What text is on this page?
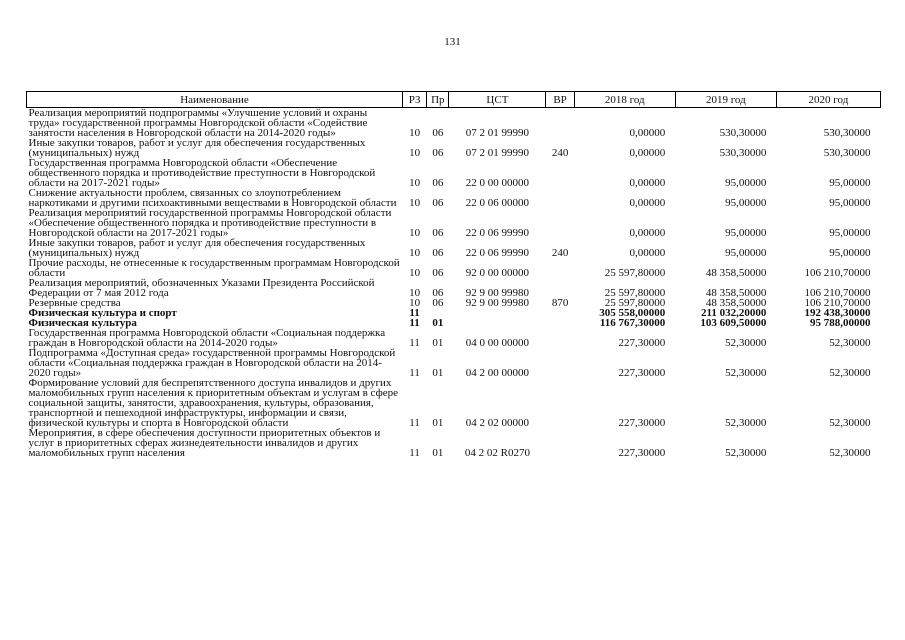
131
Наименование	РЗ	Пр	ЦСТ	ВР	2018 год	2019 год	2020 год
Реализация мероприятий подпрограммы «Улучшение условий и охраны труда» государственной программы Новгородской области «Содействие занятости населения в Новгородской области на 2014-2020 годы»	10	06	07 2 01 99990		0,00000	530,30000	530,30000
Иные закупки товаров, работ и услуг для обеспечения государственных (муниципальных) нужд	10	06	07 2 01 99990	240	0,00000	530,30000	530,30000
Государственная программа Новгородской области «Обеспечение общественного порядка и противодействие преступности в Новгородской области на 2017-2021 годы»	10	06	22 0 00 00000		0,00000	95,00000	95,00000
Снижение актуальности проблем, связанных со злоупотреблением наркотиками и другими психоактивными веществами в Новгородской области	10	06	22 0 06 00000		0,00000	95,00000	95,00000
Реализация мероприятий государственной программы Новгородской области «Обеспечение общественного порядка и противодействие преступности в Новгородской области на 2017-2021 годы»	10	06	22 0 06 99990		0,00000	95,00000	95,00000
Иные закупки товаров, работ и услуг для обеспечения государственных (муниципальных) нужд	10	06	22 0 06 99990	240	0,00000	95,00000	95,00000
Прочие расходы, не отнесенные к государственным программам Новгородской области	10	06	92 0 00 00000		25 597,80000	48 358,50000	106 210,70000
Реализация мероприятий, обозначенных Указами Президента Российской Федерации от 7 мая 2012 года	10	06	92 9 00 99980		25 597,80000	48 358,50000	106 210,70000
Резервные средства	10	06	92 9 00 99980	870	25 597,80000	48 358,50000	106 210,70000
Физическая культура и спорт	11				305 558,00000	211 032,20000	192 438,30000
Физическая культура	11	01			116 767,30000	103 609,50000	95 788,00000
Государственная программа Новгородской области «Социальная поддержка граждан в Новгородской области на 2014-2020 годы»	11	01	04 0 00 00000		227,30000	52,30000	52,30000
Подпрограмма «Доступная среда» государственной программы Новгородской области «Социальная поддержка граждан в Новгородской области на 2014-2020 годы»	11	01	04 2 00 00000		227,30000	52,30000	52,30000
Формирование условий для беспрепятственного доступа инвалидов и других маломобильных групп населения к приоритетным объектам и услугам в сфере социальной защиты, занятости, здравоохранения, культуры, образования, транспортной и пешеходной инфраструктуры, информации и связи, физической культуры и спорта в Новгородской области	11	01	04 2 02 00000		227,30000	52,30000	52,30000
Мероприятия, в сфере обеспечения доступности приоритетных объектов и услуг в приоритетных сферах жизнедеятельности инвалидов и других маломобильных групп населения	11	01	04 2 02 R0270		227,30000	52,30000	52,30000
